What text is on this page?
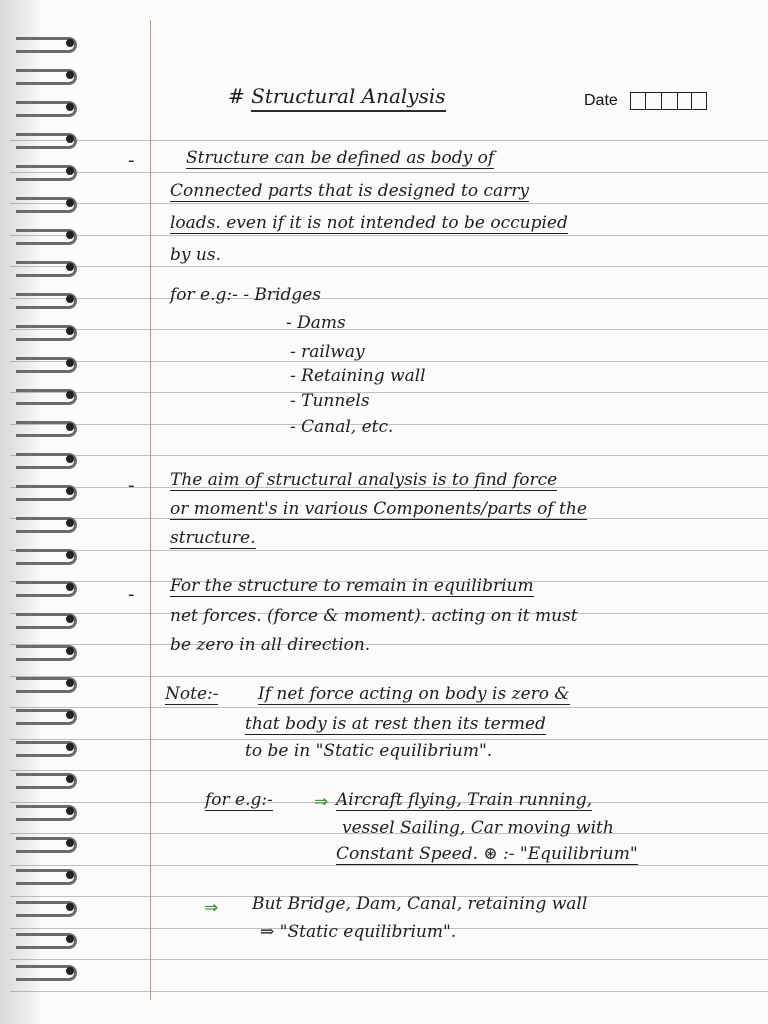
# Structural Analysis	Date
-	Structure can be defined as body of
Connected parts that is designed to carry
loads. even if it is not intended to be occupied
by us.
for e.g:- - Bridges
- Dams
- railway
- Retaining wall
- Tunnels
- Canal, etc.
- The aim of structural analysis is to find force
or moment's in various Components/parts of the
structure.
- For the structure to remain in equilibrium
net forces. (force & moment). acting on it must
be zero in all direction.
Note:- If net force acting on body is zero &
that body is at rest then its termed
to be in "Static equilibrium".
for e.g:- ⇒ Aircraft flying, Train running,
vessel Sailing, Car moving with
Constant Speed. ⊛ :- "Equilibrium"
⇒ But Bridge, Dam, Canal, retaining wall
⇒ "Static equilibrium".
